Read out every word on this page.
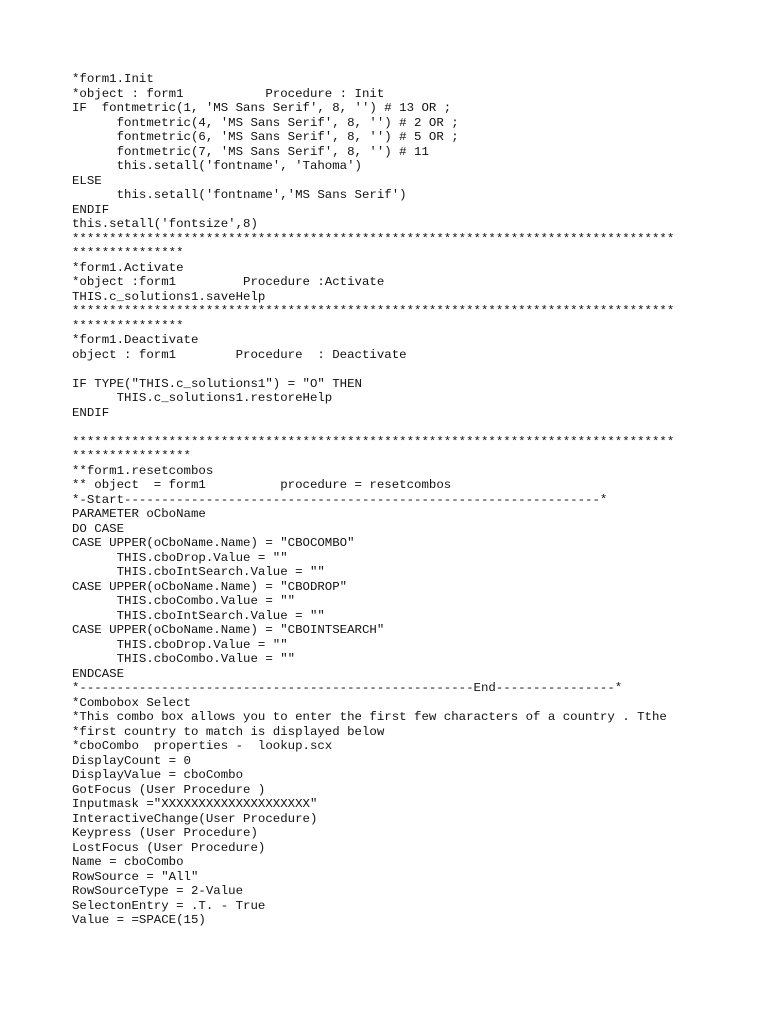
*form1.Init
*object : form1           Procedure : Init
IF  fontmetric(1, 'MS Sans Serif', 8, '') # 13 OR ;
fontmetric(4, 'MS Sans Serif', 8, '') # 2 OR ;
fontmetric(6, 'MS Sans Serif', 8, '') # 5 OR ;
fontmetric(7, 'MS Sans Serif', 8, '') # 11
this.setall('fontname', 'Tahoma')
ELSE
this.setall('fontname','MS Sans Serif')
ENDIF
this.setall('fontsize',8)
*********************************************************************************
***************
*form1.Activate
*object :form1         Procedure :Activate
THIS.c_solutions1.saveHelp
*********************************************************************************
***************
*form1.Deactivate
object : form1        Procedure  : Deactivate

IF TYPE("THIS.c_solutions1") = "O" THEN
THIS.c_solutions1.restoreHelp
ENDIF

*********************************************************************************
****************
**form1.resetcombos
** object  = form1          procedure = resetcombos
*-Start----------------------------------------------------------------*
PARAMETER oCboName
DO CASE
CASE UPPER(oCboName.Name) = "CBOCOMBO"
THIS.cboDrop.Value = ""
THIS.cboIntSearch.Value = ""
CASE UPPER(oCboName.Name) = "CBODROP"
THIS.cboCombo.Value = ""
THIS.cboIntSearch.Value = ""
CASE UPPER(oCboName.Name) = "CBOINTSEARCH"
THIS.cboDrop.Value = ""
THIS.cboCombo.Value = ""
ENDCASE
*-----------------------------------------------------End----------------*
*Combobox Select
*This combo box allows you to enter the first few characters of a country . Tthe
*first country to match is displayed below
*cboCombo  properties -  lookup.scx
DisplayCount = 0
DisplayValue = cboCombo
GotFocus (User Procedure )
Inputmask ="XXXXXXXXXXXXXXXXXXXX"
InteractiveChange(User Procedure)
Keypress (User Procedure)
LostFocus (User Procedure)
Name = cboCombo
RowSource = "All"
RowSourceType = 2-Value
SelectonEntry = .T. - True
Value = =SPACE(15)
